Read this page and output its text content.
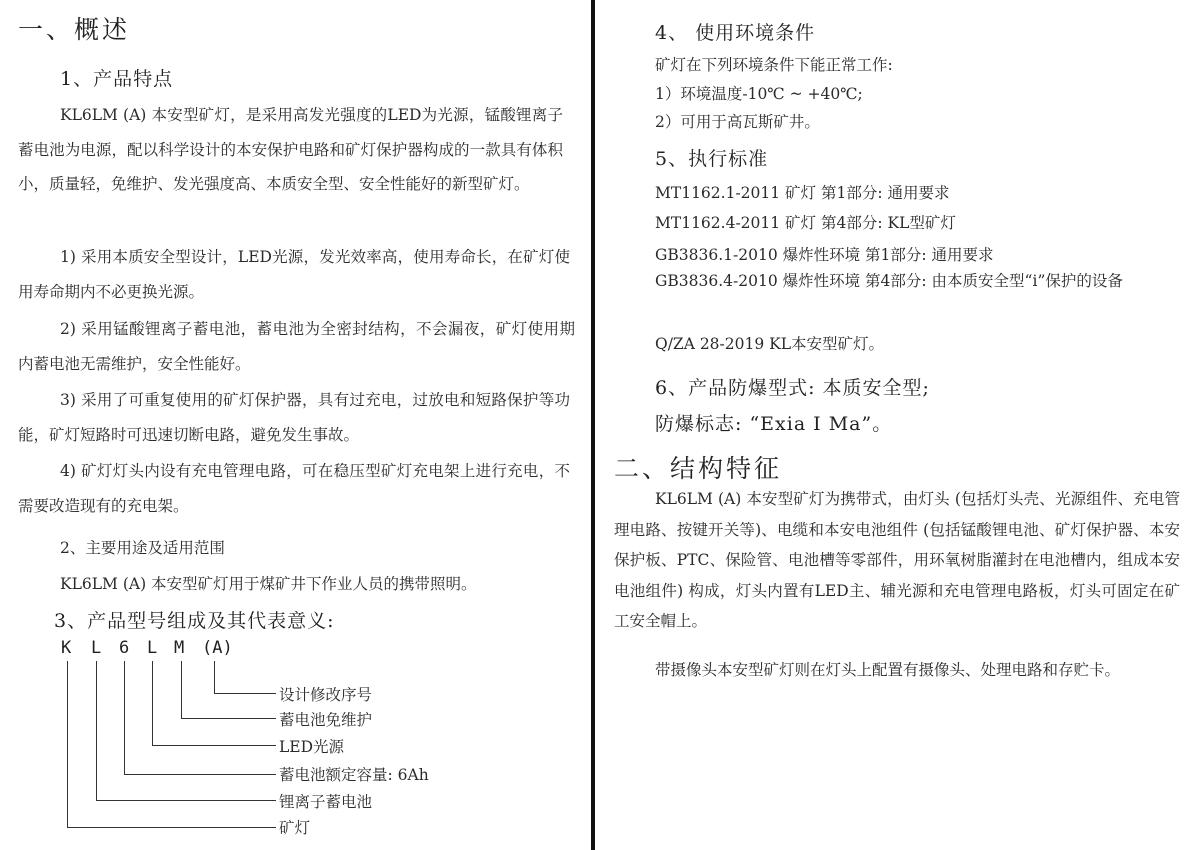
一、概述
1、产品特点

KL6LM (A) 本安型矿灯，是采用高发光强度的LED为光源，锰酸锂离子蓄电池为电源，配以科学设计的本安保护电路和矿灯保护器构成的一款具有体积小，质量轻，免维护、发光强度高、本质安全型、安全性能好的新型矿灯。

1) 采用本质安全型设计，LED光源，发光效率高，使用寿命长，在矿灯使用寿命期内不必更换光源。

2) 采用锰酸锂离子蓄电池，蓄电池为全密封结构，不会漏夜，矿灯使用期内蓄电池无需维护，安全性能好。

3) 采用了可重复使用的矿灯保护器，具有过充电，过放电和短路保护等功能，矿灯短路时可迅速切断电路，避免发生事故。

4) 矿灯灯头内设有充电管理电路，可在稳压型矿灯充电架上进行充电，不需要改造现有的充电架。

2、主要用途及适用范围
KL6LM (A) 本安型矿灯用于煤矿井下作业人员的携带照明。
3、产品型号组成及其代表意义:
K L 6 L M (A)
设计修改序号
蓄电池免维护
LED光源
蓄电池额定容量: 6Ah
锂离子蓄电池
矿灯
4、 使用环境条件
矿灯在下列环境条件下能正常工作:
1）环境温度-10℃ ~ +40℃;
2）可用于高瓦斯矿井。
5、执行标准
MT1162.1-2011 矿灯 第1部分: 通用要求
MT1162.4-2011 矿灯 第4部分: KL型矿灯
GB3836.1-2010 爆炸性环境 第1部分: 通用要求

GB3836.4-2010 爆炸性环境 第4部分: 由本质安全型“i”保护的设备

Q/ZA 28-2019 KL本安型矿灯。
6、产品防爆型式: 本质安全型;
防爆标志: “Exia I Ma”。
二、结构特征

KL6LM (A) 本安型矿灯为携带式，由灯头 (包括灯头壳、光源组件、充电管理电路、按键开关等)、电缆和本安电池组件 (包括锰酸锂电池、矿灯保护器、本安保护板、PTC、保险管、电池槽等零部件，用环氧树脂灌封在电池槽内，组成本安电池组件) 构成，灯头内置有LED主、辅光源和充电管理电路板，灯头可固定在矿工安全帽上。

带摄像头本安型矿灯则在灯头上配置有摄像头、处理电路和存贮卡。
